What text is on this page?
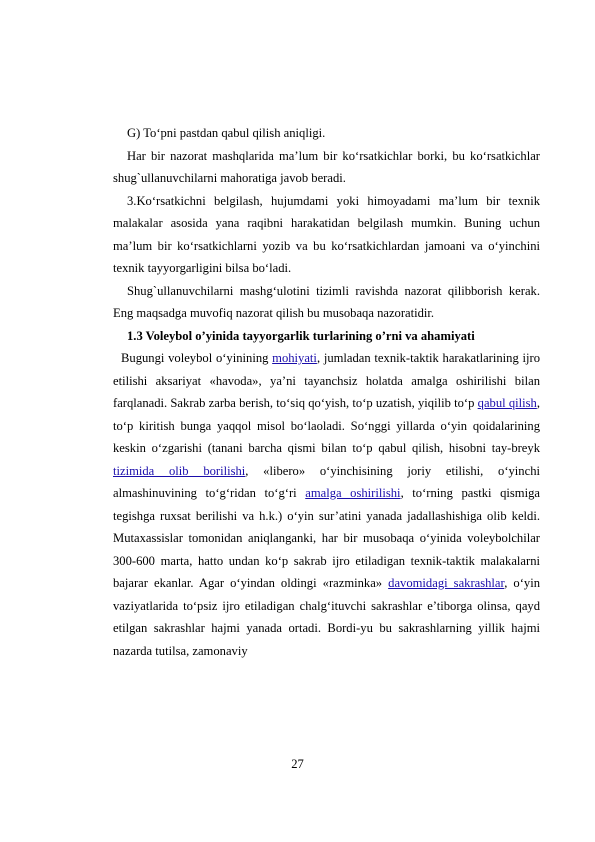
G) To‘pni pastdan qabul qilish aniqligi.

Har bir nazorat mashqlarida ma’lum bir ko‘rsatkichlar borki, bu ko‘rsatkichlar shug`ullanuvchilarni mahoratiga javob beradi.

3.Ko‘rsatkichni belgilash, hujumdami yoki himoyadami ma’lum bir texnik malakalar asosida yana raqibni harakatidan belgilash mumkin. Buning uchun ma’lum bir ko‘rsatkichlarni yozib va bu ko‘rsatkichlardan jamoani va o‘yinchini texnik tayyorgarligini bilsa bo‘ladi.

Shug`ullanuvchilarni mashg‘ulotini tizimli ravishda nazorat qilibborish kerak. Eng maqsadga muvofiq nazorat qilish bu musobaqa nazoratidir.

1.3 Voleybol o’yinida tayyorgarlik turlarining o’rni va ahamiyati

Bugungi voleybol o‘yinining mohiyati, jumladan texnik-taktik harakatlarining ijro etilishi aksariyat «havoda», ya’ni tayanchsiz holatda amalga oshirilishi bilan farqlanadi. Sakrab zarba berish, to‘siq qo‘yish, to‘p uzatish, yiqilib to‘p qabul qilish, to‘p kiritish bunga yaqqol misol bo‘laoladi. So‘nggi yillarda o‘yin qoidalarining keskin o‘zgarishi (tanani barcha qismi bilan to‘p qabul qilish, hisobni tay-breyk tizimida olib borilishi, «libero» o‘yinchisining joriy etilishi, o‘yinchi almashinuvining to‘g‘ridan to‘g‘ri amalga oshirilishi, to‘rning pastki qismiga tegishga ruxsat berilishi va h.k.) o‘yin sur’atini yanada jadallashishiga olib keldi. Mutaxassislar tomonidan aniqlanganki, har bir musobaqa o‘yinida voleybolchilar 300-600 marta, hatto undan ko‘p sakrab ijro etiladigan texnik-taktik malakalarni bajarar ekanlar. Agar o‘yindan oldingi «razminka» davomidagi sakrashlar, o‘yin vaziyatlarida to‘psiz ijro etiladigan chalg‘ituvchi sakrashlar e’tiborga olinsa, qayd etilgan sakrashlar hajmi yanada ortadi. Bordi-yu bu sakrashlarning yillik hajmi nazarda tutilsa, zamonaviy

27
